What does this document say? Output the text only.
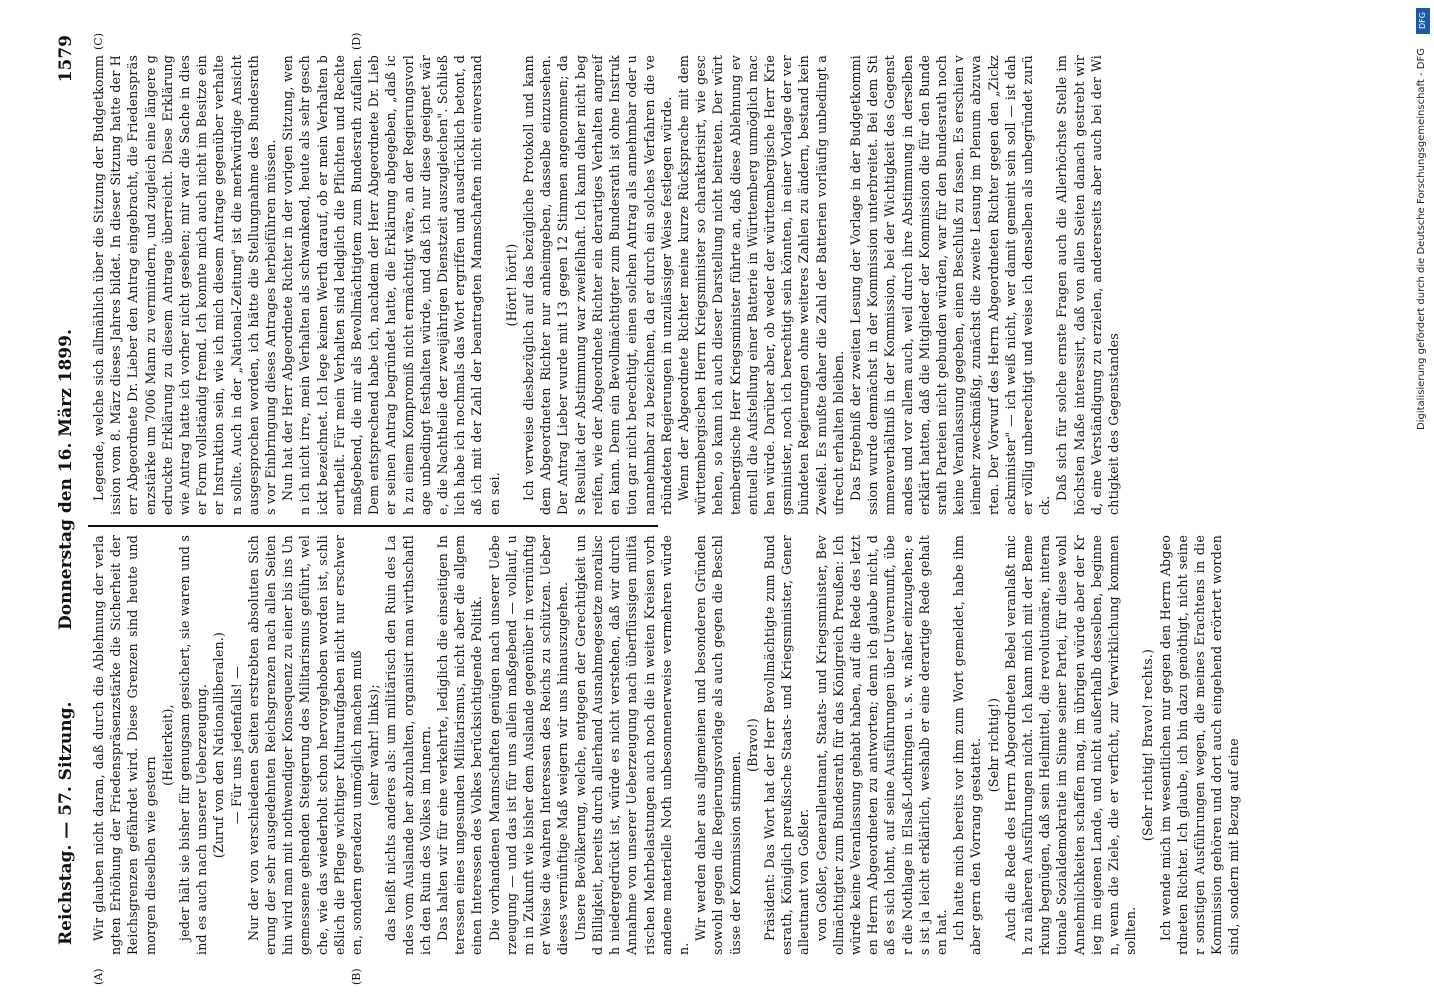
Reichstag. — 57. Sitzung.
Donnerstag den 16. März 1899.
1579
(A)	(B)
(C)	(D)

Wir glauben nicht daran, daß durch die Ablehnung der verlangten Erhöhung der Friedenspräsenzstärke die Sicherheit der Reichsgrenzen gefährdet wird. Diese Grenzen sind heute und morgen dieselben wie gestern

(Heiterkeit), jeder hält sie bisher für genugsam gesichert, sie waren und sind es auch nach unserer Ueberzeugung. (Zuruf von den Nationalliberalen.) — Für uns jedenfalls! — Nur der von verschiedenen Seiten erstrebten absoluten Sicherung der sehr ausgedehnten Reichsgrenzen nach allen Seiten hin wird man mit nothwendiger Konsequenz zu einer bis ins Ungemessene gehenden Steigerung des Militarismus geführt, welche, wie das wiederholt schon hervorgehoben worden ist, schließlich die Pflege wichtiger Kulturaufgaben nicht nur erschweren, sondern geradezu unmöglich machen muß (sehr wahr! links); das heißt nichts anderes als: um militärisch den Ruin des Landes vom Auslande her abzuhalten, organisirt man wirthschaftlich den Ruin des Volkes im Innern. Das halten wir für eine verkehrte, lediglich die einseitigen Interessen eines ungesunden Militarismus, nicht aber die allgemeinen Interessen des Volkes berücksichtigende Politik. Die vorhandenen Mannschaften genügen nach unserer Ueberzeugung — und das ist für uns allein maßgebend — vollauf, um in Zukunft wie bisher dem Auslande gegenüber in vernünftiger Weise die wahren Interessen des Reichs zu schützen. Ueber dieses vernünftige Maß weigern wir uns hinauszugehen. Unsere Bevölkerung, welche, entgegen der Gerechtigkeit und Billigkeit, bereits durch allerhand Ausnahmegesetze moralisch niedergedrückt ist, würde es nicht verstehen, daß wir durch Annahme von unserer Ueberzeugung nach überflüssigen militärischen Mehrbelastungen auch noch die in weiten Kreisen vorhandene materielle Noth unbesonnenerweise vermehren würden.

Wir werden daher aus allgemeinen und besonderen Gründen sowohl gegen die Regierungsvorlage als auch gegen die Beschlüsse der Kommission stimmen.

(Bravo!) Präsident: Das Wort hat der Herr Bevollmächtigte zum Bundesrath, Königlich preußische Staats- und Kriegsminister, Generalleutnant von Goßler. von Goßler, Generalleutnant, Staats- und Kriegsminister, Bevollmächtigter zum Bundesrath für das Königreich Preußen: Ich würde keine Veranlassung gehabt haben, auf die Rede des letzten Herrn Abgeordneten zu antworten; denn ich glaube nicht, daß es sich lohnt, auf seine Ausführungen über Unvernunft, über die Nothlage in Elsaß-Lothringen u. s. w. näher einzugehen; es ist ja leicht erklärlich, weshalb er eine derartige Rede gehalten hat. Ich hatte mich bereits vor ihm zum Wort gemeldet, habe ihm aber gern den Vorrang gestattet. (Sehr richtig!) Auch die Rede des Herrn Abgeordneten Bebel veranlaßt mich zu näheren Ausführungen nicht. Ich kann mich mit der Bemerkung begnügen, daß sein Heilmittel, die revolutionäre, internationale Sozialdemokratie im Sinne seiner Partei, für diese wohl Annehmlichkeiten schaffen mag, im übrigen würde aber der Krieg im eigenen Lande, und nicht außerhalb desselben, beginnen, wenn die Ziele, die er verficht, zur Verwirklichung kommen sollten.

(Sehr richtig! Bravo! rechts.) Ich wende mich im wesentlichen nur gegen den Herrn Abgeordneten Richter. Ich glaube, ich bin dazu genöthigt, nicht seiner sonstigen Ausführungen wegen, die meines Erachtens in die Kommission gehören und dort auch eingehend erörtert worden sind, sondern mit Bezug auf eine

Legende, welche sich allmählich über die Sitzung der Budgetkommission vom 8. März dieses Jahres bildet. In dieser Sitzung hatte der Herr Abgeordnete Dr. Lieber den Antrag eingebracht, die Friedenspräsenzstärke um 7006 Mann zu vermindern, und zugleich eine längere gedruckte Erklärung zu diesem Antrage überreicht. Diese Erklärung wie Antrag hatte ich vorher nicht gesehen; mir war die Sache in dieser Form vollständig fremd. Ich konnte mich auch nicht im Besitze einer Instruktion sein, wie ich mich diesem Antrage gegenüber verhalten sollte. Auch in der „National-Zeitung" ist die merkwürdige Ansicht ausgesprochen worden, ich hätte die Stellungnahme des Bundesraths vor Einbringung dieses Antrages herbeiführen müssen. Nun hat der Herr Abgeordnete Richter in der vorigen Sitzung, wenn ich nicht irre, mein Verhalten als schwankend, heute als sehr geschickt bezeichnet. Ich lege keinen Werth darauf, ob er mein Verhalten beurtheilt. Für mein Verhalten sind lediglich die Pflichten und Rechte maßgebend, die mir als Bevollmächtigtem zum Bundesrath zufallen. Dem entsprechend habe ich, nachdem der Herr Abgeordnete Dr. Lieber seinen Antrag begründet hatte, die Erklärung abgegeben, „daß ich zu einem Kompromiß nicht ermächtigt wäre, an der Regierungsvorlage unbedingt festhalten würde, und daß ich nur diese geeignet wäre, die Nachtheile der zweijährigen Dienstzeit auszugleichen". Schließlich habe ich nochmals das Wort ergriffen und ausdrücklich betont, daß ich mit der Zahl der beantragten Mannschaften nicht einverstanden sei.

(Hört! hört!) Ich verweise diesbezüglich auf das bezügliche Protokoll und kann dem Abgeordneten Richter nur anheimgeben, dasselbe einzusehen. Der Antrag Lieber wurde mit 13 gegen 12 Stimmen angenommen; das Resultat der Abstimmung war zweifelhaft. Ich kann daher nicht begreifen, wie der Abgeordnete Richter ein derartiges Verhalten angreifen kann. Denn ein Bevollmächtigter zum Bundesrath ist ohne Instruktion gar nicht berechtigt, einen solchen Antrag als annehmbar oder unannehmbar zu bezeichnen, da er durch ein solches Verfahren die verbündeten Regierungen in unzulässiger Weise festlegen würde. Wenn der Abgeordnete Richter meine kurze Rücksprache mit dem württembergischen Herrn Kriegsminister so charakterisirt, wie geschehen, so kann ich auch dieser Darstellung nicht beitreten. Der württembergische Herr Kriegsminister führte an, daß diese Ablehnung eventuell die Aufstellung einer Batterie in Württemberg unmöglich machen würde. Darüber aber, ob weder der württembergische Herr Kriegsminister, noch ich berechtigt sein könnten, in einer Vorlage der verbündeten Regierungen ohne weiteres Zahlen zu ändern, bestand kein Zweifel. Es mußte daher die Zahl der Batterien vorläufig unbedingt aufrecht erhalten bleiben. Das Ergebniß der zweiten Lesung der Vorlage in der Budgetkommission wurde demnächst in der Kommission unterbreitet. Bei dem Stimmenverhältniß in der Kommission, bei der Wichtigkeit des Gegenstandes und vor allem auch, weil durch ihre Abstimmung in derselben erklärt hatten, daß die Mitglieder der Kommission die für den Bundesrath Parteien nicht gebunden würden, war für den Bundesrath noch keine Veranlassung gegeben, einen Beschluß zu fassen. Es erschien vielmehr zweckmäßig, zunächst die zweite Lesung im Plenum abzuwarten. Der Vorwurf des Herrn Abgeordneten Richter gegen den „Zickzackminister" — ich weiß nicht, wer damit gemeint sein soll — ist daher völlig unberechtigt und weise ich denselben als unbegründet zurück.

Daß sich für solche ernste Fragen auch die Allerhöchste Stelle im höchsten Maße interessirt, daß von allen Seiten danach gestrebt wird, eine Verständigung zu erzielen, andererseits aber auch bei der Wichtigkeit des Gegenstandes

DFG
Digitalisierung gefördert durch die Deutsche Forschungsgemeinschaft - DFG
